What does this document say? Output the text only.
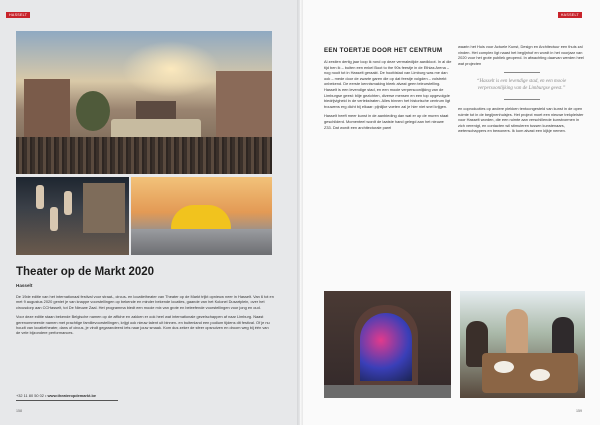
HASSELT
Theater op de Markt 2020
Hasselt

De 19de editie van het internationaal festival voor straat-, circus- en locatietheater van Theater op de Markt trijkt opnieuw neer in Hasselt. Van 6 tot en met 9 augustus 2020 geniet je van knappe voorstellingen op bekende en minder bekende locaties, gaande van het Kolonel Dusartplein, over het circusdorp aan CCHasselt, tot De Nieuwe Zaal. Het programma biedt een mooie mix van grote en beleefende voorstellingen voor jong en oud.

Voor deze editie staan bekende Belgische namen op de affiche en zakken er ook heel wat internationale gezelschappen af naar Limburg. Naast gerenommeerde namen met prachtige familievoorstellingen, krijgt ook nieuw talent uit binnen- en buitenland een podium tijdens dit festival. Of je nu houdt van locatietheater, dans of circus, je vindt gegarandeerd iets naar jouw smaak. Kom dus zeker de sfeer opsnuiven en droom weg bij één van de vele bijzondere performances.

+32 11 80 50 02 • www.theateropdemarkt.be
158
HASSELT
EEN TOERTJE DOOR HET CENTRUM

Al zestien dertig jaar loop ik rond op deze vermaledijde aardkloot. In al die tijd ben ik – buiten een enkel Boot to the 90s feestje in de Ethias Arena – nog nooit tot in Hasselt geraakt. De hoofdstad van Limburg was me dan ook – mede door de zwarte garen die op dat feestje volgden – volstrekt onbekend. De eerste kennismaking bleek alvast geen teleurstelling. Hasselt is een levendige stad, en een mooie verpersoonlijking van de Limburgse geest: blije gezichten, diverse mensen en een top opgevolgde biedrijvigheid in de verlekstraten. Alles binnen het historische centrum ligt trouwens erg dicht bij elkaar: pijnlijke voeten zal je hier niet snel krijgen.

Hasselt heeft meer kunst in de aanbieding dan wat er op de muren staat geschilderd. Momenteel wordt de laatste hand gelegd aan het nieuwe Z33. Dat wordt een architecturale parel

waarin het Huis voor Actuele Kunst, Design en Architectuur een thuis zal vinden. Het complex ligt naast het begijnhof en wordt in het voorjaar van 2020 voor het grote publiek geopend. In afwachting daarvan werden heel wat projecten

“Hasselt is een levendige stad, en een mooie verpersoonlijking van de Limburgse geest.”

en coproducties op andere plekken tentoongesteld van kunst in de open ruimte tot in de begijnenhuisjes. Het project moet een nieuwe trekpleister voor Hasselt worden, die een ruimte aan verschillende kunstvormen in zich verenigt, en contacten wil stimuleren tussen kunstenaars, wetenschappers en bewoners. Ik kom alvast een kijkje nemen.

159
